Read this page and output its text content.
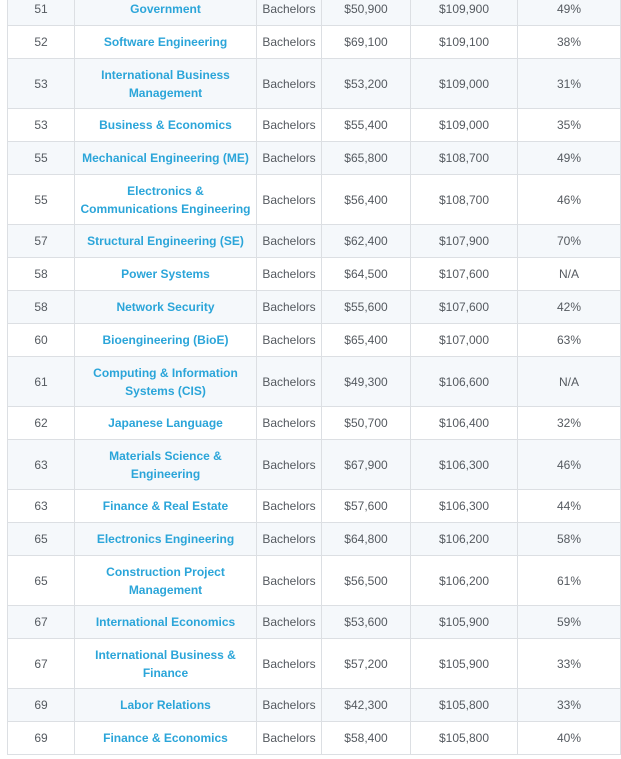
51	Government	Bachelors	$50,900	$109,900	49%
52	Software Engineering	Bachelors	$69,100	$109,100	38%
53	International Business Management	Bachelors	$53,200	$109,000	31%
53	Business & Economics	Bachelors	$55,400	$109,000	35%
55	Mechanical Engineering (ME)	Bachelors	$65,800	$108,700	49%
55	Electronics & Communications Engineering	Bachelors	$56,400	$108,700	46%
57	Structural Engineering (SE)	Bachelors	$62,400	$107,900	70%
58	Power Systems	Bachelors	$64,500	$107,600	N/A
58	Network Security	Bachelors	$55,600	$107,600	42%
60	Bioengineering (BioE)	Bachelors	$65,400	$107,000	63%
61	Computing & Information Systems (CIS)	Bachelors	$49,300	$106,600	N/A
62	Japanese Language	Bachelors	$50,700	$106,400	32%
63	Materials Science & Engineering	Bachelors	$67,900	$106,300	46%
63	Finance & Real Estate	Bachelors	$57,600	$106,300	44%
65	Electronics Engineering	Bachelors	$64,800	$106,200	58%
65	Construction Project Management	Bachelors	$56,500	$106,200	61%
67	International Economics	Bachelors	$53,600	$105,900	59%
67	International Business & Finance	Bachelors	$57,200	$105,900	33%
69	Labor Relations	Bachelors	$42,300	$105,800	33%
69	Finance & Economics	Bachelors	$58,400	$105,800	40%
